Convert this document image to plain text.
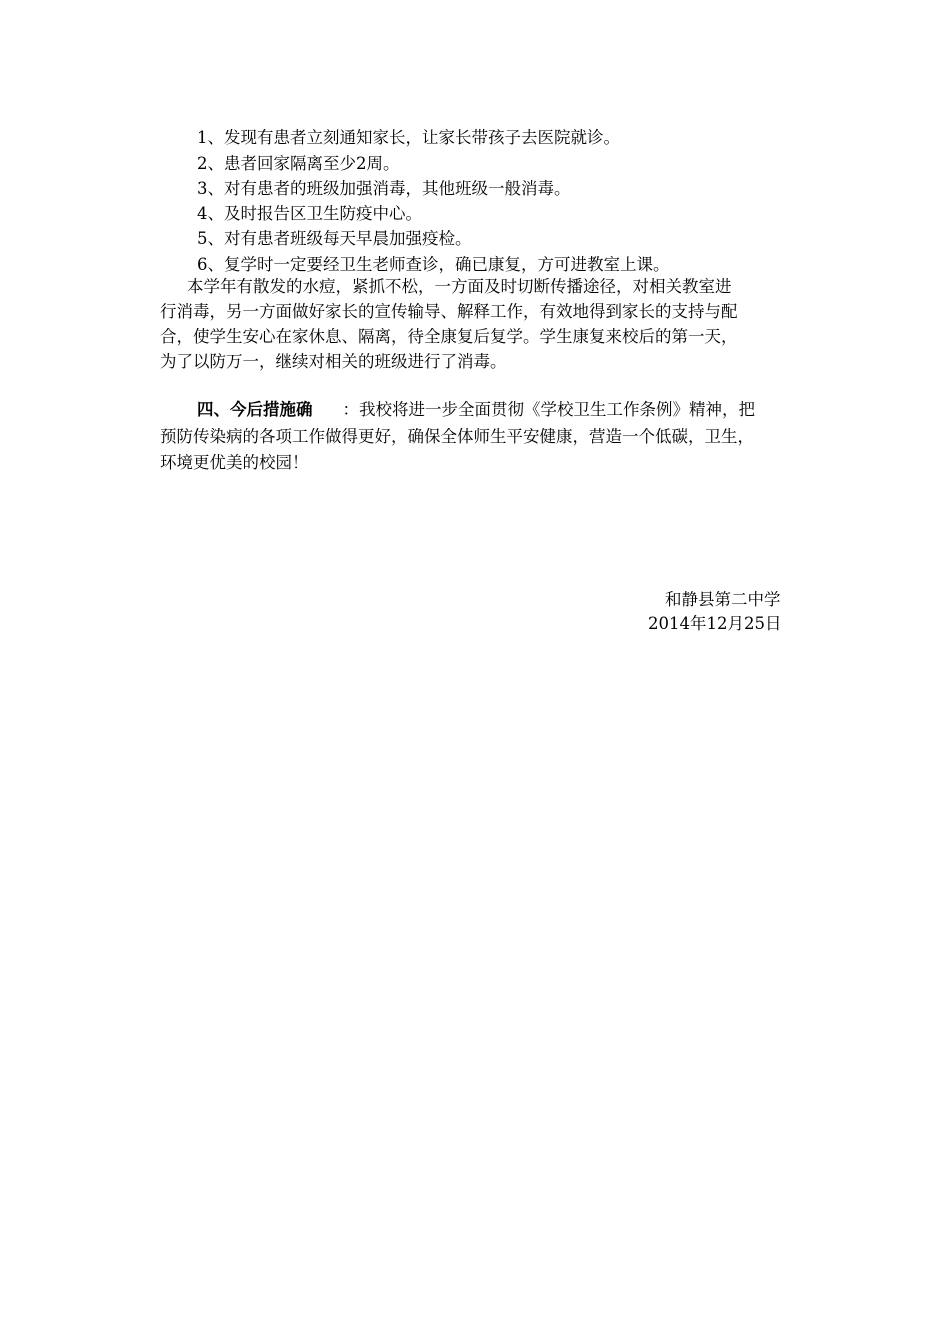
1、发现有患者立刻通知家长，让家长带孩子去医院就诊。
2、患者回家隔离至少2周。
3、对有患者的班级加强消毒，其他班级一般消毒。
4、及时报告区卫生防疫中心。
5、对有患者班级每天早晨加强疫检。
6、复学时一定要经卫生老师查诊，确已康复，方可进教室上课。
本学年有散发的水痘，紧抓不松，一方面及时切断传播途径，对相关教室进
行消毒，另一方面做好家长的宣传输导、解释工作，有效地得到家长的支持与配
合，使学生安心在家休息、隔离，待全康复后复学。学生康复来校后的第一天，
为了以防万一，继续对相关的班级进行了消毒。
四、今后措施确 ：我校将进一步全面贯彻《学校卫生工作条例》精神，把
预防传染病的各项工作做得更好，确保全体师生平安健康，营造一个低碳，卫生，
环境更优美的校园！
和静县第二中学
2014年12月25日
